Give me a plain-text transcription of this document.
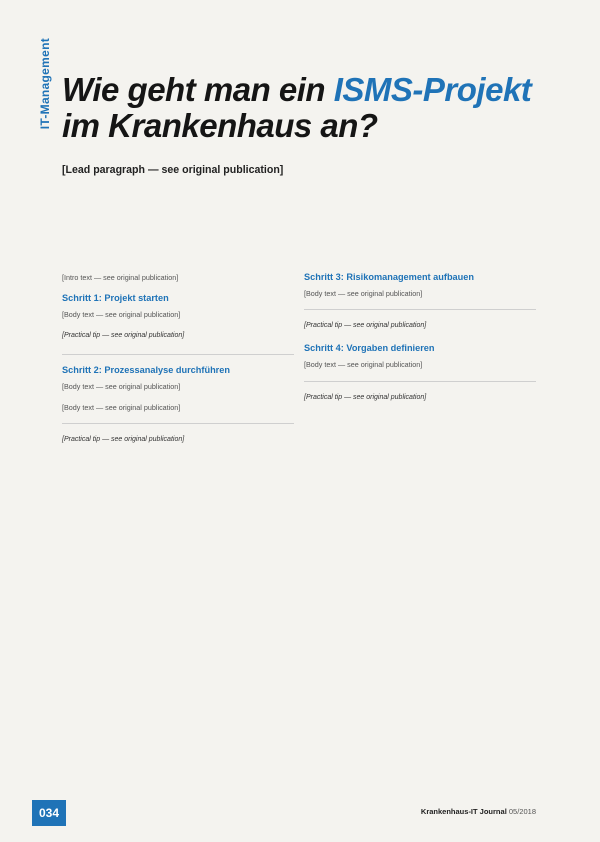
IT-Management Wie geht man ein ISMS-Projekt
im Krankenhaus an?

[Lead paragraph — see original publication]

[Intro text — see original publication]

Schritt 1: Projekt starten

[Body text — see original publication]

[Practical tip — see original publication]

Schritt 2: Prozessanalyse durchführen

[Body text — see original publication]

[Body text — see original publication]

[Practical tip — see original publication]

Schritt 3: Risikomanagement aufbauen

[Body text — see original publication]

[Practical tip — see original publication]

Schritt 4: Vorgaben definieren

[Body text — see original publication]

[Practical tip — see original publication]

034	Krankenhaus-IT Journal 05/2018
